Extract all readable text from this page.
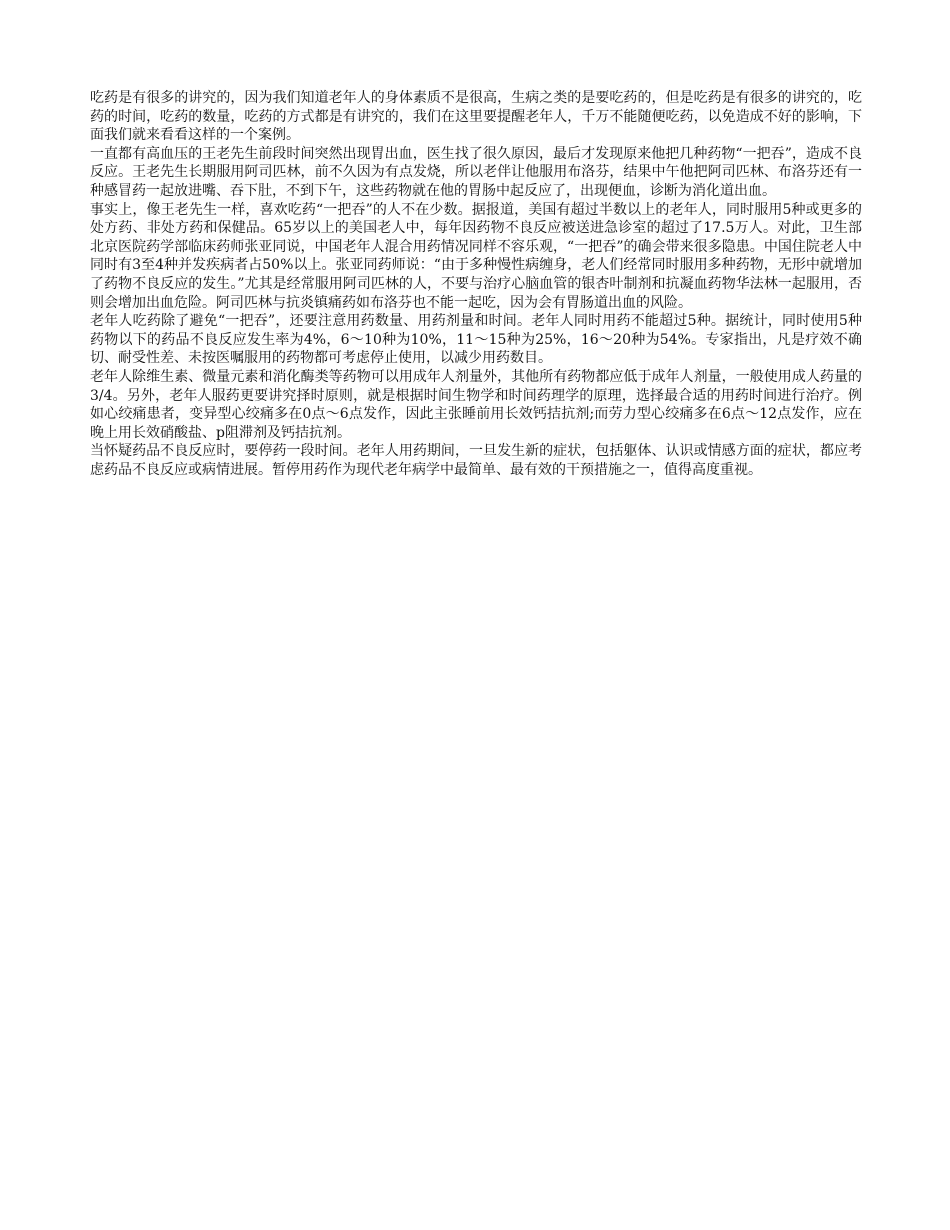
吃药是有很多的讲究的，因为我们知道老年人的身体素质不是很高，生病之类的是要吃药的，但是吃药是有很多的讲究的，吃药的时间，吃药的数量，吃药的方式都是有讲究的，我们在这里要提醒老年人，千万不能随便吃药，以免造成不好的影响，下面我们就来看看这样的一个案例。

一直都有高血压的王老先生前段时间突然出现胃出血，医生找了很久原因，最后才发现原来他把几种药物“一把吞”，造成不良反应。王老先生长期服用阿司匹林，前不久因为有点发烧，所以老伴让他服用布洛芬，结果中午他把阿司匹林、布洛芬还有一种感冒药一起放进嘴、吞下肚，不到下午，这些药物就在他的胃肠中起反应了，出现便血，诊断为消化道出血。

事实上，像王老先生一样，喜欢吃药“一把吞”的人不在少数。据报道，美国有超过半数以上的老年人，同时服用5种或更多的处方药、非处方药和保健品。65岁以上的美国老人中，每年因药物不良反应被送进急诊室的超过了17.5万人。对此，卫生部北京医院药学部临床药师张亚同说，中国老年人混合用药情况同样不容乐观，“一把吞”的确会带来很多隐患。中国住院老人中同时有3至4种并发疾病者占50%以上。张亚同药师说：“由于多种慢性病缠身，老人们经常同时服用多种药物，无形中就增加了药物不良反应的发生。”尤其是经常服用阿司匹林的人，不要与治疗心脑血管的银杏叶制剂和抗凝血药物华法林一起服用，否则会增加出血危险。阿司匹林与抗炎镇痛药如布洛芬也不能一起吃，因为会有胃肠道出血的风险。

老年人吃药除了避免“一把吞”，还要注意用药数量、用药剂量和时间。老年人同时用药不能超过5种。据统计，同时使用5种药物以下的药品不良反应发生率为4%，6～10种为10%，11～15种为25%，16～20种为54%。专家指出，凡是疗效不确切、耐受性差、未按医嘱服用的药物都可考虑停止使用，以减少用药数目。

老年人除维生素、微量元素和消化酶类等药物可以用成年人剂量外，其他所有药物都应低于成年人剂量，一般使用成人药量的3/4。另外，老年人服药更要讲究择时原则，就是根据时间生物学和时间药理学的原理，选择最合适的用药时间进行治疗。例如心绞痛患者，变异型心绞痛多在0点～6点发作，因此主张睡前用长效钙拮抗剂;而劳力型心绞痛多在6点～12点发作，应在晚上用长效硝酸盐、p阻滞剂及钙拮抗剂。

当怀疑药品不良反应时，要停药一段时间。老年人用药期间，一旦发生新的症状，包括躯体、认识或情感方面的症状，都应考虑药品不良反应或病情进展。暂停用药作为现代老年病学中最简单、最有效的干预措施之一，值得高度重视。
